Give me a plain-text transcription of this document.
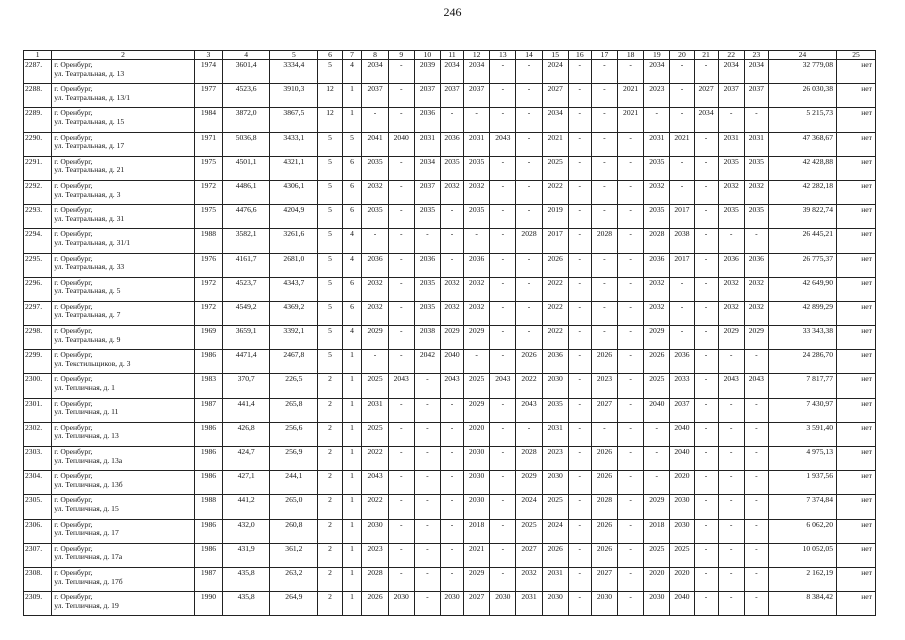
246
1	2	3	4	5	6	7	8	9	10	11	12	13	14	15	16	17	18	19	20	21	22	23	24	25
2287.	г. Оренбург,
ул. Театральная, д. 13	1974	3601,4	3334,4	5	4	2034	-	2039	2034	2034	-	-	2024	-	-	-	2034	-	-	2034	2034	32 779,08	нет
2288.	г. Оренбург,
ул. Театральная, д. 13/1	1977	4523,6	3910,3	12	1	2037	-	2037	2037	2037	-	-	2027	-	-	2021	2023	-	2027	2037	2037	26 030,38	нет
2289.	г. Оренбург,
ул. Театральная, д. 15	1984	3872,0	3867,5	12	1	-	-	2036	-	-	-	-	2034	-	-	2021	-	-	2034	-	-	5 215,73	нет
2290.	г. Оренбург,
ул. Театральная, д. 17	1971	5036,8	3433,1	5	5	2041	2040	2031	2036	2031	2043	-	2021	-	-	-	2031	2021	-	2031	2031	47 368,67	нет
2291.	г. Оренбург,
ул. Театральная, д. 21	1975	4501,1	4321,1	5	6	2035	-	2034	2035	2035	-	-	2025	-	-	-	2035	-	-	2035	2035	42 428,88	нет
2292.	г. Оренбург,
ул. Театральная, д. 3	1972	4486,1	4306,1	5	6	2032	-	2037	2032	2032	-	-	2022	-	-	-	2032	-	-	2032	2032	42 282,18	нет
2293.	г. Оренбург,
ул. Театральная, д. 31	1975	4476,6	4204,9	5	6	2035	-	2035	-	2035	-	-	2019	-	-	-	2035	2017	-	2035	2035	39 822,74	нет
2294.	г. Оренбург,
ул. Театральная, д. 31/1	1988	3582,1	3261,6	5	4	-	-	-	-	-	-	2028	2017	-	2028	-	2028	2038	-	-	-	26 445,21	нет
2295.	г. Оренбург,
ул. Театральная, д. 33	1976	4161,7	2681,0	5	4	2036	-	2036	-	2036	-	-	2026	-	-	-	2036	2017	-	2036	2036	26 775,37	нет
2296.	г. Оренбург,
ул. Театральная, д. 5	1972	4523,7	4343,7	5	6	2032	-	2035	2032	2032	-	-	2022	-	-	-	2032	-	-	2032	2032	42 649,90	нет
2297.	г. Оренбург,
ул. Театральная, д. 7	1972	4549,2	4369,2	5	6	2032	-	2035	2032	2032	-	-	2022	-	-	-	2032	-	-	2032	2032	42 899,29	нет
2298.	г. Оренбург,
ул. Театральная, д. 9	1969	3659,1	3392,1	5	4	2029	-	2038	2029	2029	-	-	2022	-	-	-	2029	-	-	2029	2029	33 343,38	нет
2299.	г. Оренбург,
ул. Текстильщиков, д. 3	1986	4471,4	2467,8	5	1	-	-	2042	2040	-	-	2026	2036	-	2026	-	2026	2036	-	-	-	24 286,70	нет
2300.	г. Оренбург,
ул. Тепличная, д. 1	1983	370,7	226,5	2	1	2025	2043	-	2043	2025	2043	2022	2030	-	2023	-	2025	2033	-	2043	2043	7 817,77	нет
2301.	г. Оренбург,
ул. Тепличная, д. 11	1987	441,4	265,8	2	1	2031	-	-	-	2029	-	2043	2035	-	2027	-	2040	2037	-	-	-	7 430,97	нет
2302.	г. Оренбург,
ул. Тепличная, д. 13	1986	426,8	256,6	2	1	2025	-	-	-	2020	-	-	2031	-	-	-	-	2040	-	-	-	3 591,40	нет
2303.	г. Оренбург,
ул. Тепличная, д. 13а	1986	424,7	256,9	2	1	2022	-	-	-	2030	-	2028	2023	-	2026	-	-	2040	-	-	-	4 975,13	нет
2304.	г. Оренбург,
ул. Тепличная, д. 13б	1986	427,1	244,1	2	1	2043	-	-	-	2030	-	2029	2030	-	2026	-	-	2020	-	-	-	1 937,56	нет
2305.	г. Оренбург,
ул. Тепличная, д. 15	1988	441,2	265,0	2	1	2022	-	-	-	2030	-	2024	2025	-	2028	-	2029	2030	-	-	-	7 374,84	нет
2306.	г. Оренбург,
ул. Тепличная, д. 17	1986	432,0	260,8	2	1	2030	-	-	-	2018	-	2025	2024	-	2026	-	2018	2030	-	-	-	6 062,20	нет
2307.	г. Оренбург,
ул. Тепличная, д. 17а	1986	431,9	361,2	2	1	2023	-	-	-	2021	-	2027	2026	-	2026	-	2025	2025	-	-	-	10 052,05	нет
2308.	г. Оренбург,
ул. Тепличная, д. 17б	1987	435,8	263,2	2	1	2028	-	-	-	2029	-	2032	2031	-	2027	-	2020	2020	-	-	-	2 162,19	нет
2309.	г. Оренбург,
ул. Тепличная, д. 19	1990	435,8	264,9	2	1	2026	2030	-	2030	2027	2030	2031	2030	-	2030	-	2030	2040	-	-	-	8 384,42	нет
